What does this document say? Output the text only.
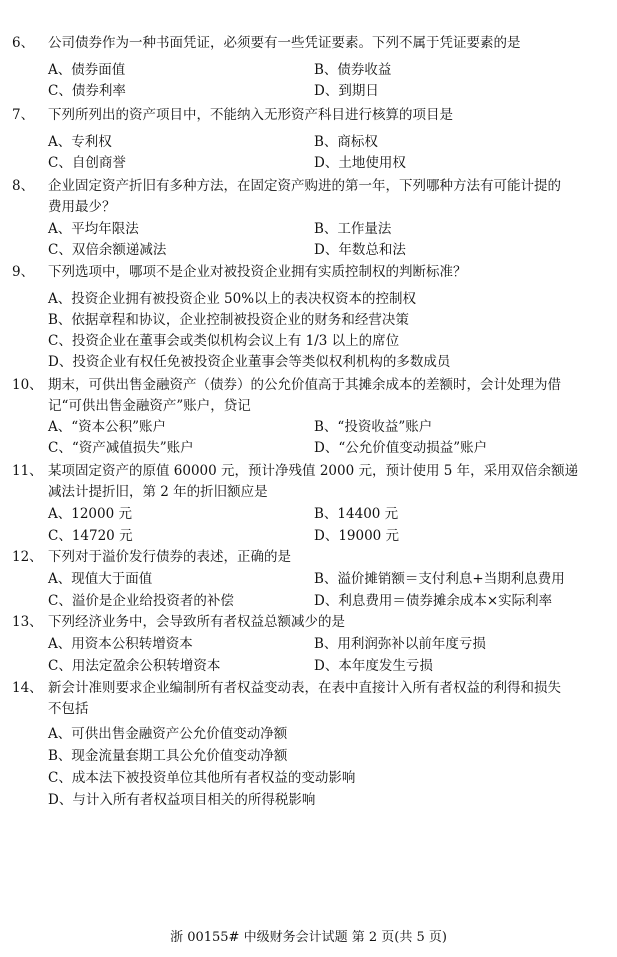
6、 公司债券作为一种书面凭证，必须要有一些凭证要素。下列不属于凭证要素的是
A、债券面值	B、债券收益
C、债券利率	D、到期日
7、 下列所列出的资产项目中，不能纳入无形资产科目进行核算的项目是
A、专利权	B、商标权
C、自创商誉	D、土地使用权
8、 企业固定资产折旧有多种方法，在固定资产购进的第一年，下列哪种方法有可能计提的
费用最少？
A、平均年限法	B、工作量法
C、双倍余额递减法	D、年数总和法
9、 下列选项中，哪项不是企业对被投资企业拥有实质控制权的判断标准？
A、投资企业拥有被投资企业 50%以上的表决权资本的控制权
B、依据章程和协议，企业控制被投资企业的财务和经营决策
C、投资企业在董事会或类似机构会议上有 1/3 以上的席位
D、投资企业有权任免被投资企业董事会等类似权利机构的多数成员
10、 期末，可供出售金融资产（债券）的公允价值高于其摊余成本的差额时，会计处理为借
记“可供出售金融资产”账户，贷记
A、“资本公积”账户	B、“投资收益”账户
C、“资产减值损失”账户	D、“公允价值变动损益”账户
11、 某项固定资产的原值 60000 元，预计净残值 2000 元，预计使用 5 年，采用双倍余额递
减法计提折旧，第 2 年的折旧额应是
A、12000 元	B、14400 元
C、14720 元	D、19000 元
12、 下列对于溢价发行债券的表述，正确的是
A、现值大于面值	B、溢价摊销额＝支付利息+当期利息费用
C、溢价是企业给投资者的补偿	D、利息费用＝债券摊余成本×实际利率
13、 下列经济业务中，会导致所有者权益总额减少的是
A、用资本公积转增资本	B、用利润弥补以前年度亏损
C、用法定盈余公积转增资本	D、本年度发生亏损
14、 新会计准则要求企业编制所有者权益变动表，在表中直接计入所有者权益的利得和损失
不包括
A、可供出售金融资产公允价值变动净额
B、现金流量套期工具公允价值变动净额
C、成本法下被投资单位其他所有者权益的变动影响
D、与计入所有者权益项目相关的所得税影响
浙 00155# 中级财务会计试题 第 2 页(共 5 页)
